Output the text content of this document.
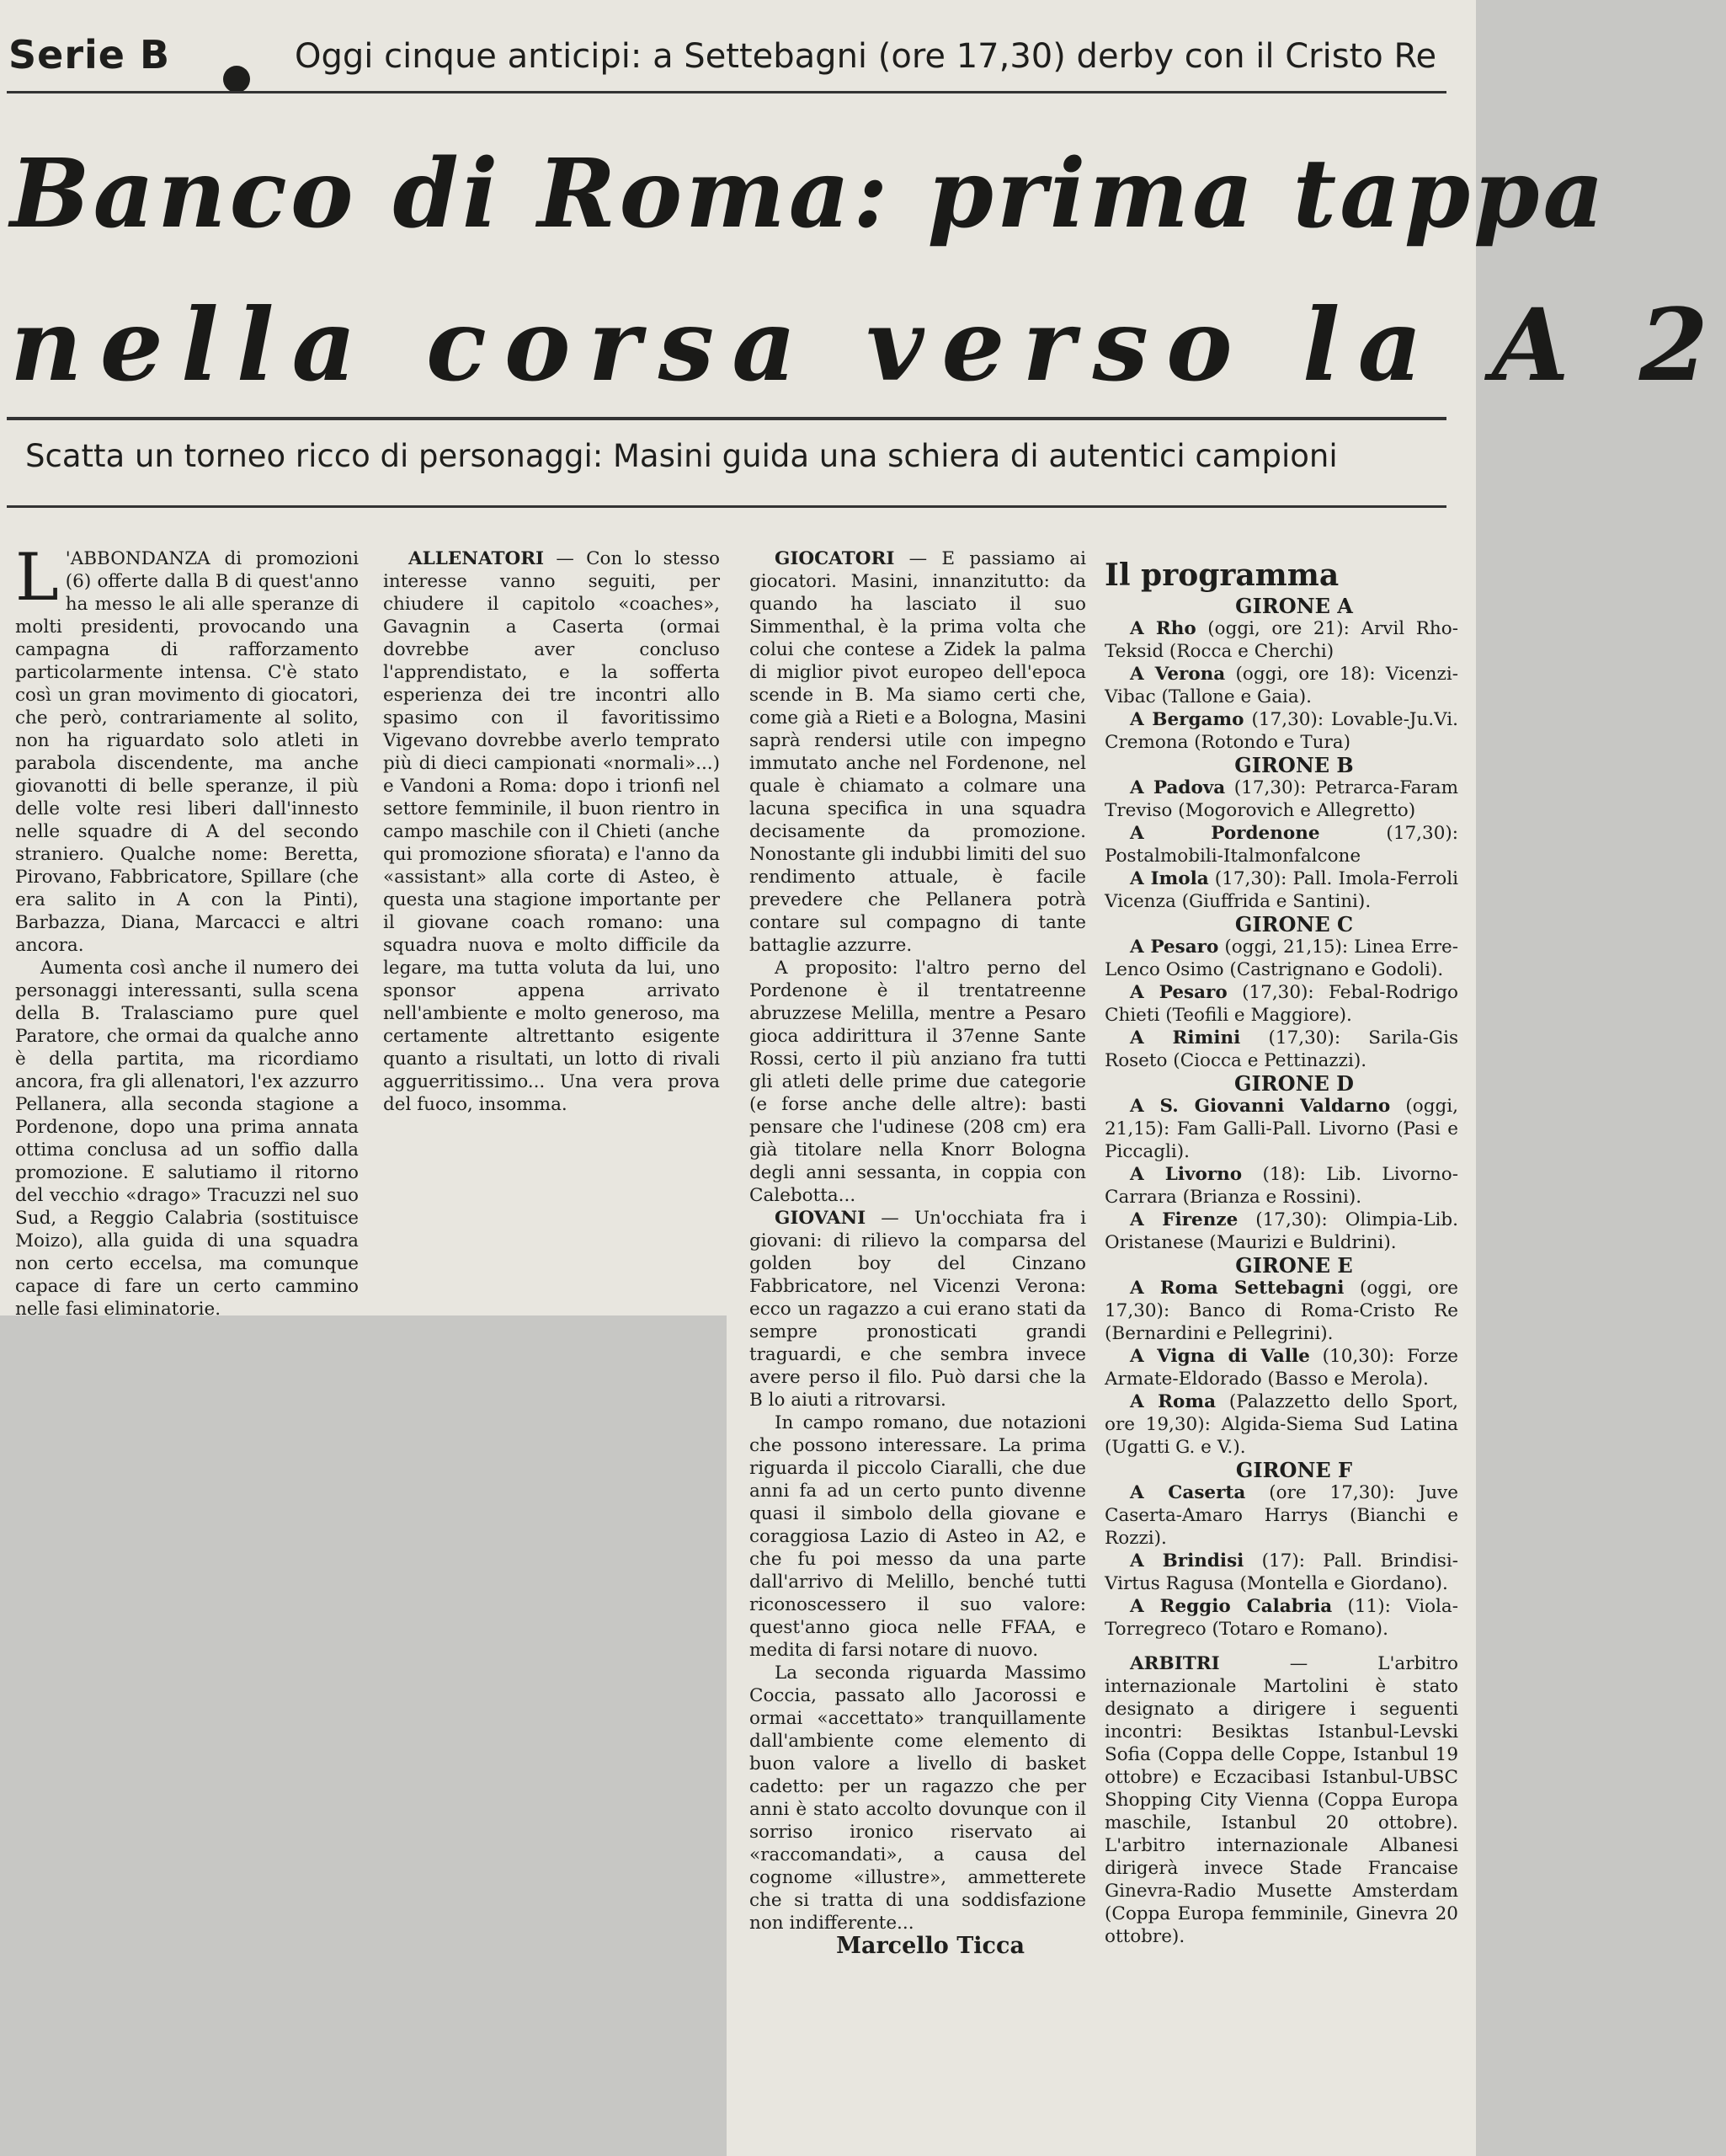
Serie B	Oggi cinque anticipi: a Settebagni (ore 17,30) derby con il Cristo Re
Banco di Roma: prima tappa
nella corsa verso la A 2
Scatta un torneo ricco di personaggi: Masini guida una schiera di autentici campioni

L 'ABBONDANZA di promozioni (6) offerte dalla B di quest'anno ha messo le ali alle speranze di molti presidenti, provocando una campagna di rafforzamento particolarmente intensa. C'è stato così un gran movimento di giocatori, che però, contrariamente al solito, non ha riguardato solo atleti in parabola discendente, ma anche giovanotti di belle speranze, il più delle volte resi liberi dall'innesto nelle squadre di A del secondo straniero. Qualche nome: Beretta, Pirovano, Fabbricatore, Spillare (che era salito in A con la Pinti), Barbazza, Diana, Marcacci e altri ancora.

Aumenta così anche il numero dei personaggi interessanti, sulla scena della B. Tralasciamo pure quel Paratore, che ormai da qualche anno è della partita, ma ricordiamo ancora, fra gli allenatori, l'ex azzurro Pellanera, alla seconda stagione a Pordenone, dopo una prima annata ottima conclusa ad un soffio dalla promozione. E salutiamo il ritorno del vecchio «drago» Tracuzzi nel suo Sud, a Reggio Calabria (sostituisce Moizo), alla guida di una squadra non certo eccelsa, ma comunque capace di fare un certo cammino nelle fasi eliminatorie.

ALLENATORI — Con lo stesso interesse vanno seguiti, per chiudere il capitolo «coaches», Gavagnin a Caserta (ormai dovrebbe aver concluso l'apprendistato, e la sofferta esperienza dei tre incontri allo spasimo con il favoritissimo Vigevano dovrebbe averlo temprato più di dieci campionati «normali»...) e Vandoni a Roma: dopo i trionfi nel settore femminile, il buon rientro in campo maschile con il Chieti (anche qui promozione sfiorata) e l'anno da «assistant» alla corte di Asteo, è questa una stagione importante per il giovane coach romano: una squadra nuova e molto difficile da legare, ma tutta voluta da lui, uno sponsor appena arrivato nell'ambiente e molto generoso, ma certamente altrettanto esigente quanto a risultati, un lotto di rivali agguerritissimo... Una vera prova del fuoco, insomma.

GIOCATORI — E passiamo ai giocatori. Masini, innanzitutto: da quando ha lasciato il suo Simmenthal, è la prima volta che colui che contese a Zidek la palma di miglior pivot europeo dell'epoca scende in B. Ma siamo certi che, come già a Rieti e a Bologna, Masini saprà rendersi utile con impegno immutato anche nel Fordenone, nel quale è chiamato a colmare una lacuna specifica in una squadra decisamente da promozione. Nonostante gli indubbi limiti del suo rendimento attuale, è facile prevedere che Pellanera potrà contare sul compagno di tante battaglie azzurre.

A proposito: l'altro perno del Pordenone è il trentatreenne abruzzese Melilla, mentre a Pesaro gioca addirittura il 37enne Sante Rossi, certo il più anziano fra tutti gli atleti delle prime due categorie (e forse anche delle altre): basti pensare che l'udinese (208 cm) era già titolare nella Knorr Bologna degli anni sessanta, in coppia con Calebotta...

GIOVANI — Un'occhiata fra i giovani: di rilievo la comparsa del golden boy del Cinzano Fabbricatore, nel Vicenzi Verona: ecco un ragazzo a cui erano stati da sempre pronosticati grandi traguardi, e che sembra invece avere perso il filo. Può darsi che la B lo aiuti a ritrovarsi.

In campo romano, due notazioni che possono interessare. La prima riguarda il piccolo Ciaralli, che due anni fa ad un certo punto divenne quasi il simbolo della giovane e coraggiosa Lazio di Asteo in A2, e che fu poi messo da una parte dall'arrivo di Melillo, benché tutti riconoscessero il suo valore: quest'anno gioca nelle FFAA, e medita di farsi notare di nuovo.

La seconda riguarda Massimo Coccia, passato allo Jacorossi e ormai «accettato» tranquillamente dall'ambiente come elemento di buon valore a livello di basket cadetto: per un ragazzo che per anni è stato accolto dovunque con il sorriso ironico riservato ai «raccomandati», a causa del cognome «illustre», ammetterete che si tratta di una soddisfazione non indifferente...

Marcello Ticca

Il programma

GIRONE A

A Rho (oggi, ore 21): Arvil Rho-Teksid (Rocca e Cherchi)

A Verona (oggi, ore 18): Vicenzi-Vibac (Tallone e Gaia).

A Bergamo (17,30): Lovable-Ju.Vi. Cremona (Rotondo e Tura)

GIRONE B

A Padova (17,30): Petrarca-Faram Treviso (Mogorovich e Allegretto)

A Pordenone (17,30): Postalmobili-Italmonfalcone

A Imola (17,30): Pall. Imola-Ferroli Vicenza (Giuffrida e Santini).

GIRONE C

A Pesaro (oggi, 21,15): Linea Erre-Lenco Osimo (Castrignano e Godoli).

A Pesaro (17,30): Febal-Rodrigo Chieti (Teofili e Maggiore).

A Rimini (17,30): Sarila-Gis Roseto (Ciocca e Pettinazzi).

GIRONE D

A S. Giovanni Valdarno (oggi, 21,15): Fam Galli-Pall. Livorno (Pasi e Piccagli).

A Livorno (18): Lib. Livorno-Carrara (Brianza e Rossini).

A Firenze (17,30): Olimpia-Lib. Oristanese (Maurizi e Buldrini).

GIRONE E

A Roma Settebagni (oggi, ore 17,30): Banco di Roma-Cristo Re (Bernardini e Pellegrini).

A Vigna di Valle (10,30): Forze Armate-Eldorado (Basso e Merola).

A Roma (Palazzetto dello Sport, ore 19,30): Algida-Siema Sud Latina (Ugatti G. e V.).

GIRONE F

A Caserta (ore 17,30): Juve Caserta-Amaro Harrys (Bianchi e Rozzi).

A Brindisi (17): Pall. Brindisi-Virtus Ragusa (Montella e Giordano).

A Reggio Calabria (11): Viola-Torregreco (Totaro e Romano).

ARBITRI — L'arbitro internazionale Martolini è stato designato a dirigere i seguenti incontri: Besiktas Istanbul-Levski Sofia (Coppa delle Coppe, Istanbul 19 ottobre) e Eczacibasi Istanbul-UBSC Shopping City Vienna (Coppa Europa maschile, Istanbul 20 ottobre). L'arbitro internazionale Albanesi dirigerà invece Stade Francaise Ginevra-Radio Musette Amsterdam (Coppa Europa femminile, Ginevra 20 ottobre).
